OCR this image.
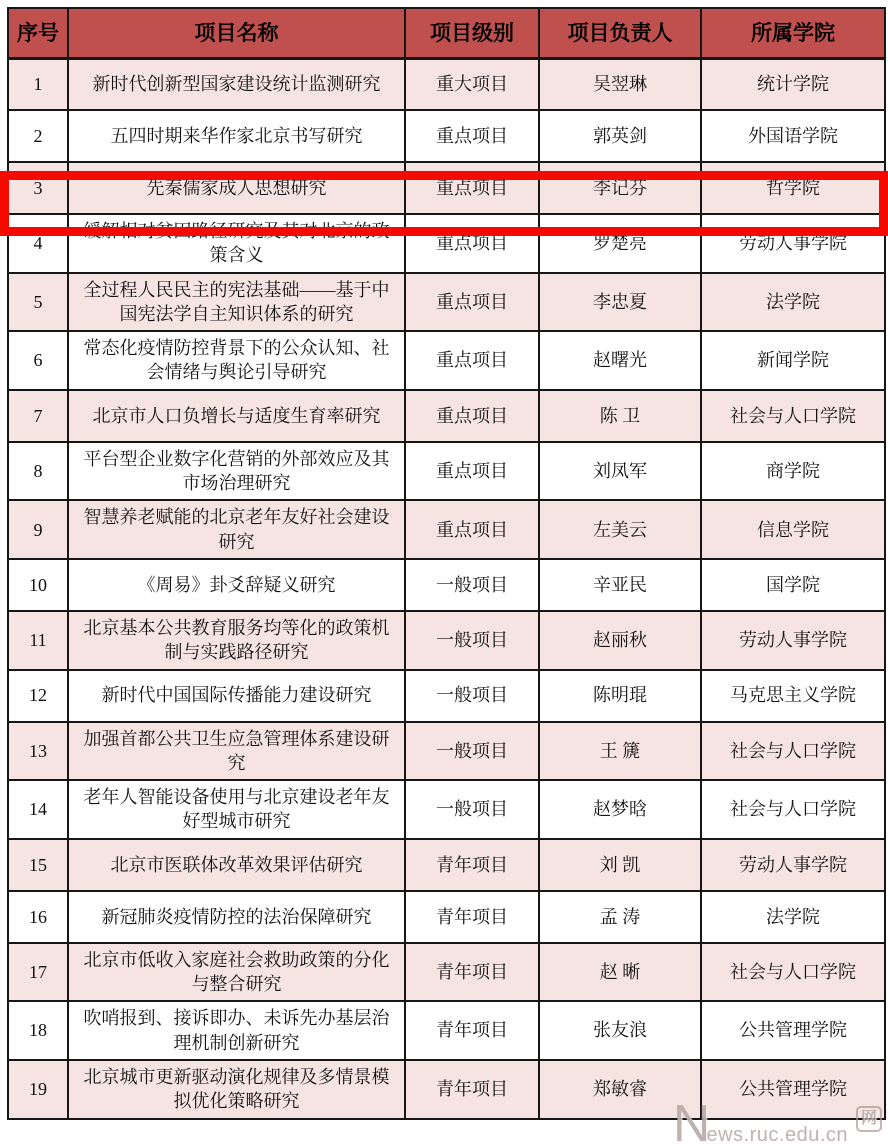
序号	项目名称	项目级别	项目负责人	所属学院
1	新时代创新型国家建设统计监测研究	重大项目	吴翌琳	统计学院
2	五四时期来华作家北京书写研究	重点项目	郭英剑	外国语学院
3	先秦儒家成人思想研究	重点项目	李记芬	哲学院
4	缓解相对贫困路径研究及其对北京的政策含义	重点项目	罗楚亮	劳动人事学院
5	全过程人民民主的宪法基础——基于中国宪法学自主知识体系的研究	重点项目	李忠夏	法学院
6	常态化疫情防控背景下的公众认知、社会情绪与舆论引导研究	重点项目	赵曙光	新闻学院
7	北京市人口负增长与适度生育率研究	重点项目	陈 卫	社会与人口学院
8	平台型企业数字化营销的外部效应及其市场治理研究	重点项目	刘凤军	商学院
9	智慧养老赋能的北京老年友好社会建设研究	重点项目	左美云	信息学院
10	《周易》卦爻辞疑义研究	一般项目	辛亚民	国学院
11	北京基本公共教育服务均等化的政策机制与实践路径研究	一般项目	赵丽秋	劳动人事学院
12	新时代中国国际传播能力建设研究	一般项目	陈明琨	马克思主义学院
13	加强首都公共卫生应急管理体系建设研究	一般项目	王 篪	社会与人口学院
14	老年人智能设备使用与北京建设老年友好型城市研究	一般项目	赵梦晗	社会与人口学院
15	北京市医联体改革效果评估研究	青年项目	刘 凯	劳动人事学院
16	新冠肺炎疫情防控的法治保障研究	青年项目	孟 涛	法学院
17	北京市低收入家庭社会救助政策的分化与整合研究	青年项目	赵 晰	社会与人口学院
18	吹哨报到、接诉即办、未诉先办基层治理机制创新研究	青年项目	张友浪	公共管理学院
19	北京城市更新驱动演化规律及多情景模拟优化策略研究	青年项目	郑敏睿	公共管理学院
N
ews.ruc.edu.cn
网
